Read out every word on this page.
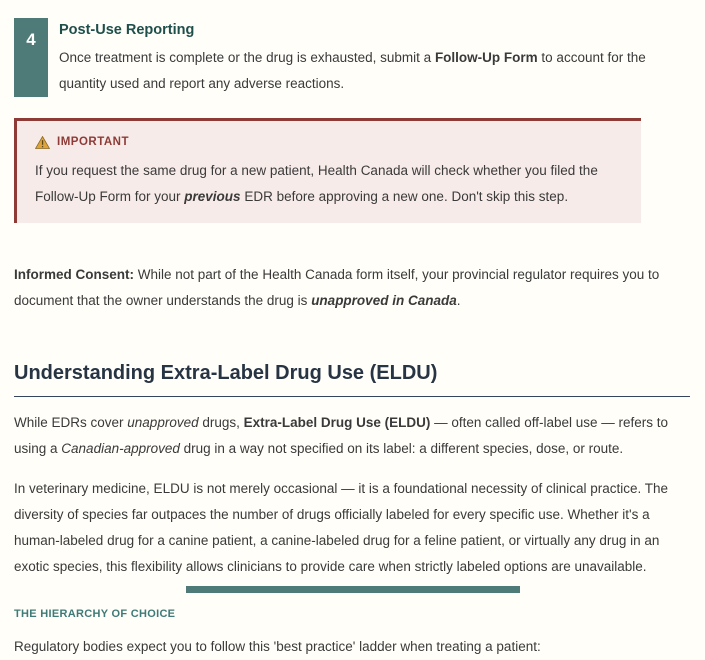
4	Post-Use Reporting
Once treatment is complete or the drug is exhausted, submit a Follow-Up Form to account for the quantity used and report any adverse reactions.
IMPORTANT
If you request the same drug for a new patient, Health Canada will check whether you filed the Follow-Up Form for your previous EDR before approving a new one. Don't skip this step.
Informed Consent: While not part of the Health Canada form itself, your provincial regulator requires you to document that the owner understands the drug is unapproved in Canada.
Understanding Extra-Label Drug Use (ELDU)
While EDRs cover unapproved drugs, Extra-Label Drug Use (ELDU) — often called off-label use — refers to using a Canadian-approved drug in a way not specified on its label: a different species, dose, or route.
In veterinary medicine, ELDU is not merely occasional — it is a foundational necessity of clinical practice. The diversity of species far outpaces the number of drugs officially labeled for every specific use. Whether it's a human-labeled drug for a canine patient, a canine-labeled drug for a feline patient, or virtually any drug in an exotic species, this flexibility allows clinicians to provide care when strictly labeled options are unavailable.
THE HIERARCHY OF CHOICE
Regulatory bodies expect you to follow this 'best practice' ladder when treating a patient:
